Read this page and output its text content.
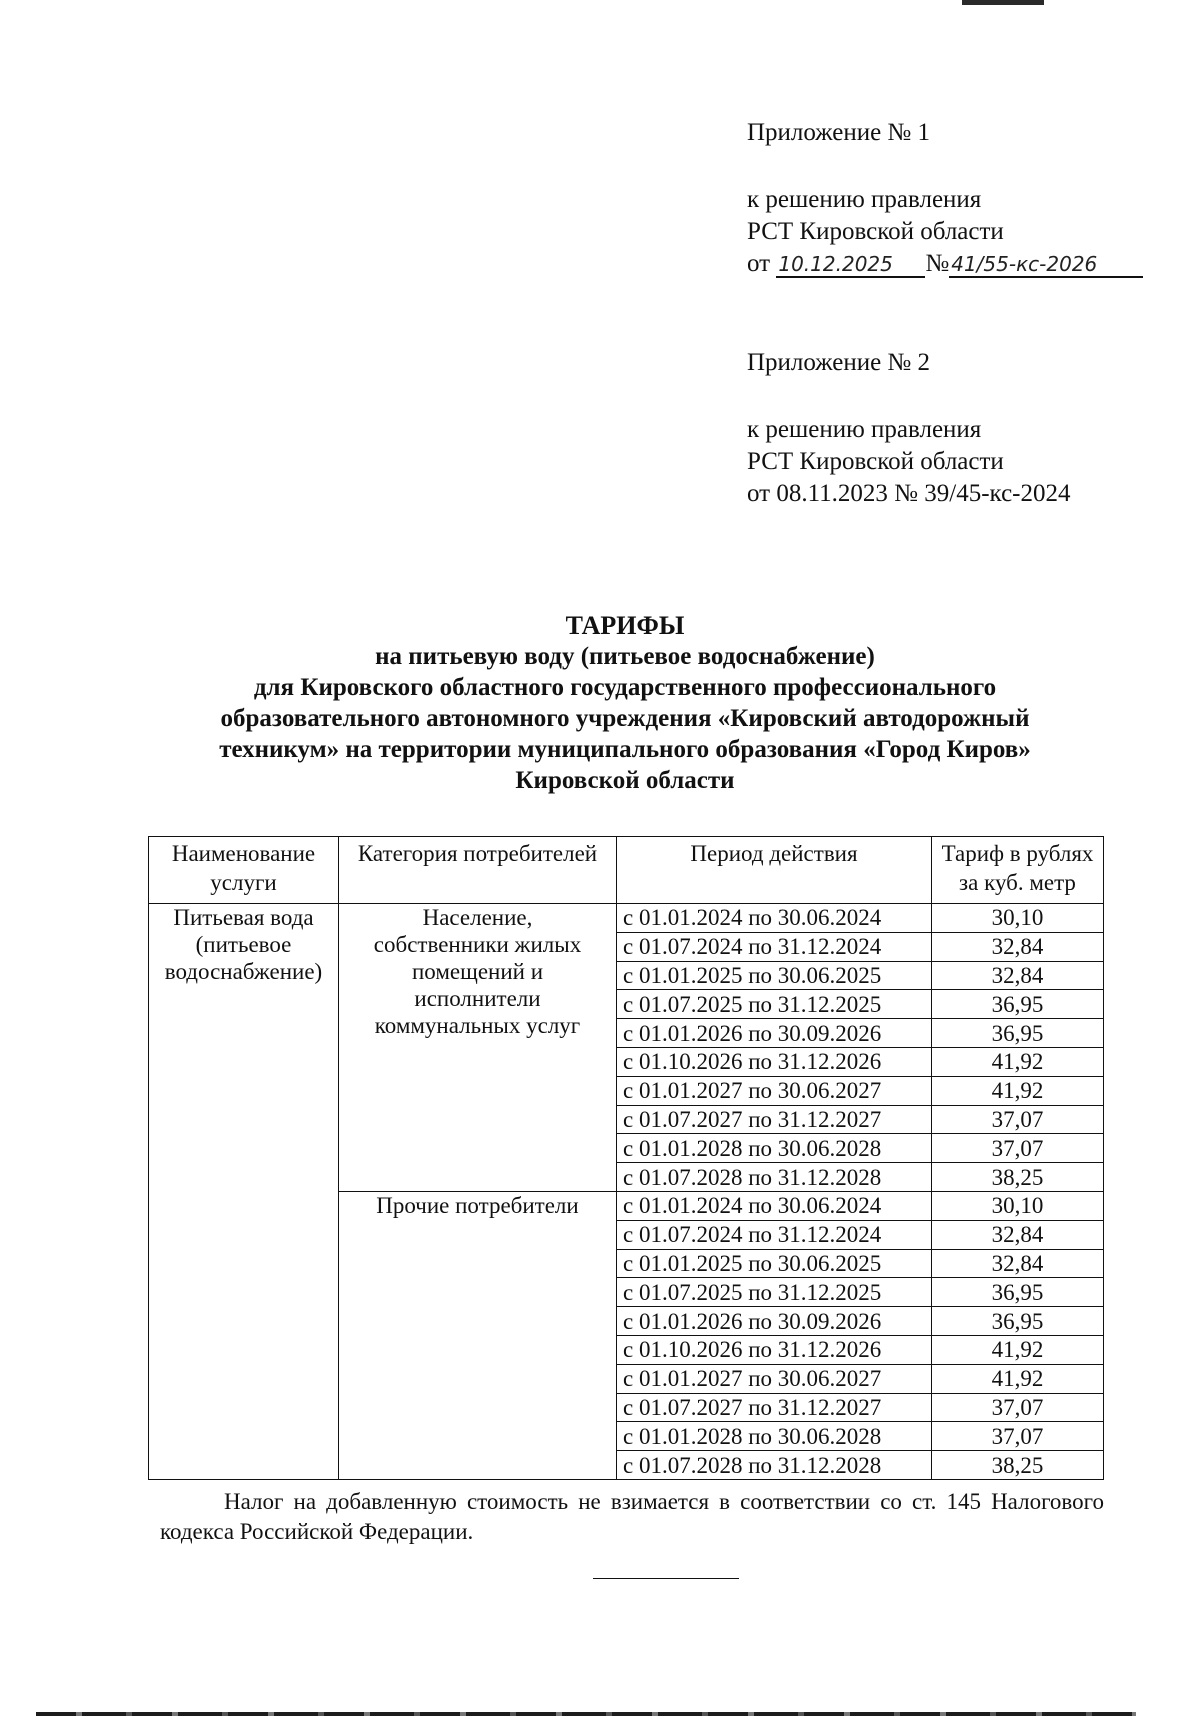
Приложение № 1
к решению правления
РСТ Кировской области
от 10.12.2025 № 41/55-кс-2026
Приложение № 2
к решению правления
РСТ Кировской области
от 08.11.2023 № 39/45-кс-2024
ТАРИФЫ
на питьевую воду (питьевое водоснабжение)
для Кировского областного государственного профессионального
образовательного автономного учреждения «Кировский автодорожный
техникум» на территории муниципального образования «Город Киров»
Кировской области
Наименование услуги	Категория потребителей	Период действия	Тариф в рублях за куб. метр
Питьевая вода
(питьевое
водоснабжение)	Население,
собственники жилых
помещений и
исполнители
коммунальных услуг	с 01.01.2024 по 30.06.2024	30,10
		с 01.07.2024 по 31.12.2024	32,84
		с 01.01.2025 по 30.06.2025	32,84
		с 01.07.2025 по 31.12.2025	36,95
		с 01.01.2026 по 30.09.2026	36,95
		с 01.10.2026 по 31.12.2026	41,92
		с 01.01.2027 по 30.06.2027	41,92
		с 01.07.2027 по 31.12.2027	37,07
		с 01.01.2028 по 30.06.2028	37,07
		с 01.07.2028 по 31.12.2028	38,25
	Прочие потребители	с 01.01.2024 по 30.06.2024	30,10
		с 01.07.2024 по 31.12.2024	32,84
		с 01.01.2025 по 30.06.2025	32,84
		с 01.07.2025 по 31.12.2025	36,95
		с 01.01.2026 по 30.09.2026	36,95
		с 01.10.2026 по 31.12.2026	41,92
		с 01.01.2027 по 30.06.2027	41,92
		с 01.07.2027 по 31.12.2027	37,07
		с 01.01.2028 по 30.06.2028	37,07
		с 01.07.2028 по 31.12.2028	38,25
Налог на добавленную стоимость не взимается в соответствии со ст. 145 Налогового кодекса Российской Федерации.
